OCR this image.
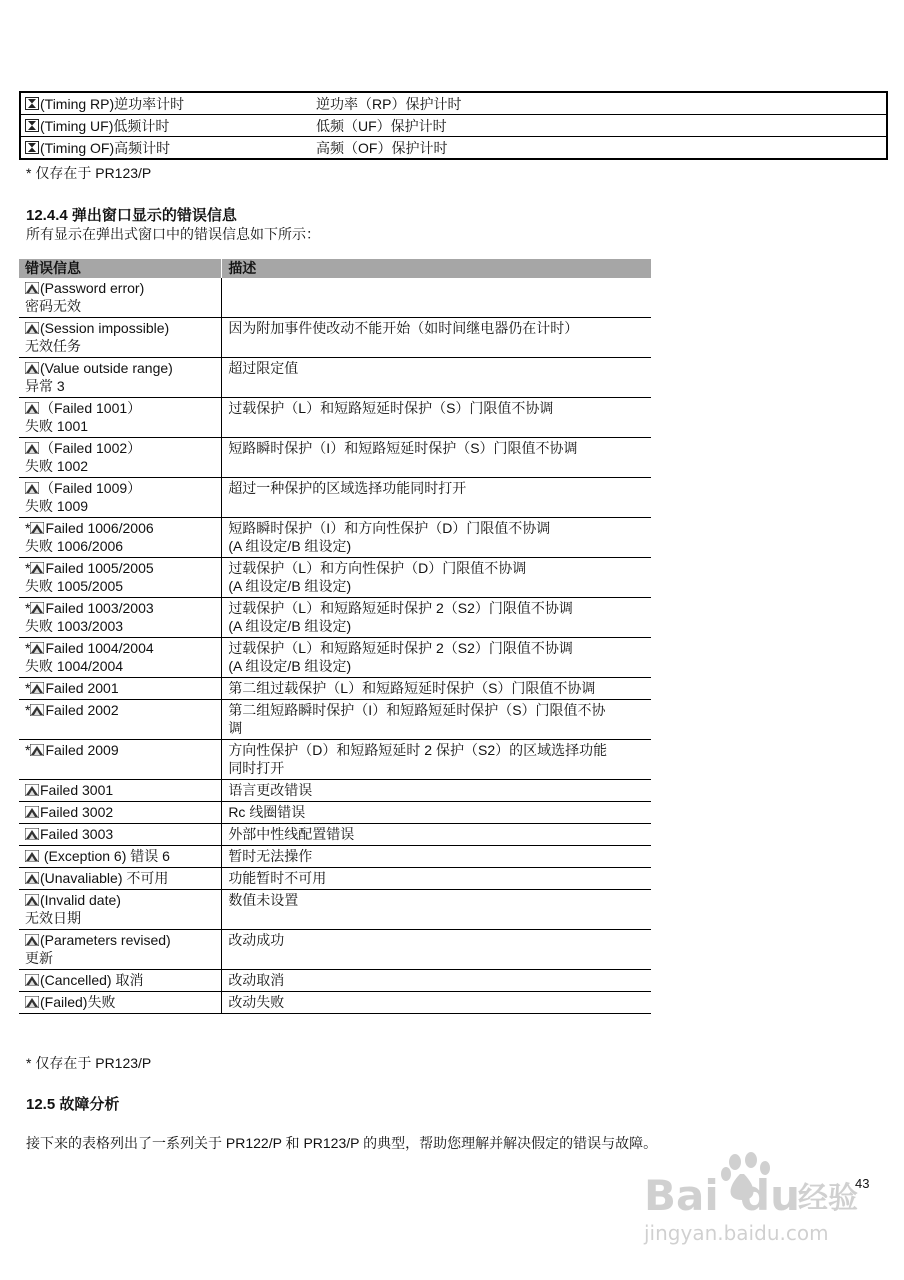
(Timing RP)逆功率计时	逆功率（RP）保护计时
(Timing UF)低频计时	低频（UF）保护计时
(Timing OF)高频计时	高频（OF）保护计时
* 仅存在于 PR123/P
12.4.4 弹出窗口显示的错误信息
所有显示在弹出式窗口中的错误信息如下所示：
错误信息	描述
(Password error)
密码无效	
(Session impossible)
无效任务	因为附加事件使改动不能开始（如时间继电器仍在计时）
(Value outside range)
异常 3	超过限定值
（Failed 1001）
失败 1001	过载保护（L）和短路短延时保护（S）门限值不协调
（Failed 1002）
失败 1002	短路瞬时保护（I）和短路短延时保护（S）门限值不协调
（Failed 1009）
失败 1009	超过一种保护的区域选择功能同时打开
* Failed 1006/2006
失败 1006/2006	短路瞬时保护（I）和方向性保护（D）门限值不协调
(A 组设定/B 组设定)
* Failed 1005/2005
失败 1005/2005	过载保护（L）和方向性保护（D）门限值不协调
(A 组设定/B 组设定)
* Failed 1003/2003
失败 1003/2003	过载保护（L）和短路短延时保护 2（S2）门限值不协调
(A 组设定/B 组设定)
* Failed 1004/2004
失败 1004/2004	过载保护（L）和短路短延时保护 2（S2）门限值不协调
(A 组设定/B 组设定)
* Failed 2001	第二组过载保护（L）和短路短延时保护（S）门限值不协调
* Failed 2002	第二组短路瞬时保护（I）和短路短延时保护（S）门限值不协
调
* Failed 2009	方向性保护（D）和短路短延时 2 保护（S2）的区域选择功能
同时打开
Failed 3001	语言更改错误
Failed 3002	Rc 线圈错误
Failed 3003	外部中性线配置错误
(Exception 6) 错误 6	暂时无法操作
(Unavaliable) 不可用	功能暂时不可用
(Invalid date)
无效日期	数值未设置
(Parameters revised)
更新	改动成功
(Cancelled) 取消	改动取消
(Failed)失败	改动失败
* 仅存在于 PR123/P
12.5 故障分析
接下来的表格列出了一系列关于 PR122/P 和 PR123/P 的典型，帮助您理解并解决假定的错误与故障。
43
Bai du
经验
jingyan.baidu.com
